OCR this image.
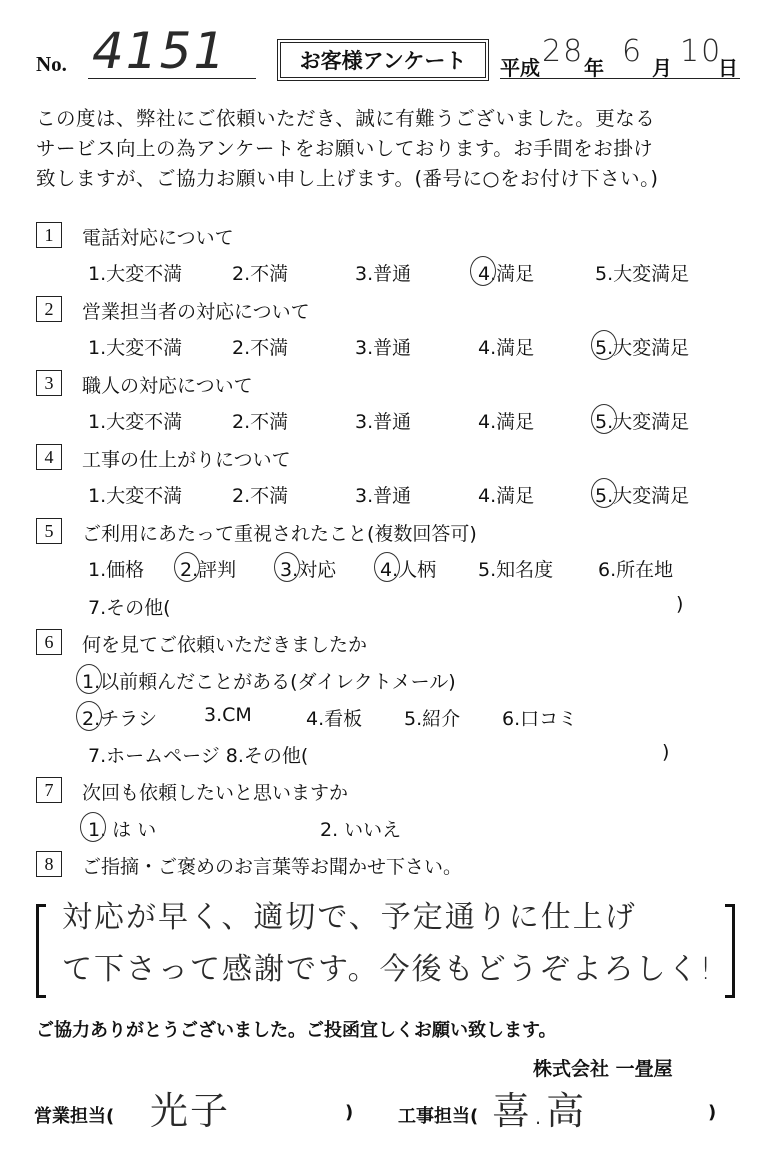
No. 4151	お客様アンケート	平成 28 年 6 月 10
日
この度は、弊社にご依頼いただき、誠に有難うございました。更なる
サービス向上の為アンケートをお願いしております。お手間をお掛け
致しますが、ご協力お願い申し上げます。(番号に○をお付け下さい。)
1	電話対応について
1.大変不満	2.不満	3.普通	4.満足	5.大変満足
2	営業担当者の対応について
1.大変不満	2.不満	3.普通	4.満足	5.大変満足
3	職人の対応について
1.大変不満	2.不満	3.普通	4.満足	5.大変満足
4	工事の仕上がりについて
1.大変不満	2.不満	3.普通	4.満足	5.大変満足
5	ご利用にあたって重視されたこと(複数回答可)
1.価格 2.評判 3.対応 4.人柄 5.知名度 6.所在地
7.その他(	)
6	何を見てご依頼いただきましたか
1.以前頼んだことがある(ダイレクトメール)
2.チラシ 3.CM	4.看板 5.紹介 6.口コミ
7.ホームページ 8.その他(	)
7	次回も依頼したいと思いますか
1. は い	2. いいえ
8	ご指摘・ご褒めのお言葉等お聞かせ下さい。
対応が早く、適切で、予定通りに仕上げ
て下さって感謝です。今後もどうぞよろしく!
ご協力ありがとうございました。ご投函宜しくお願い致します。
株式会社 一畳屋
営業担当( 光子	) 工事担当( 喜.高	)
